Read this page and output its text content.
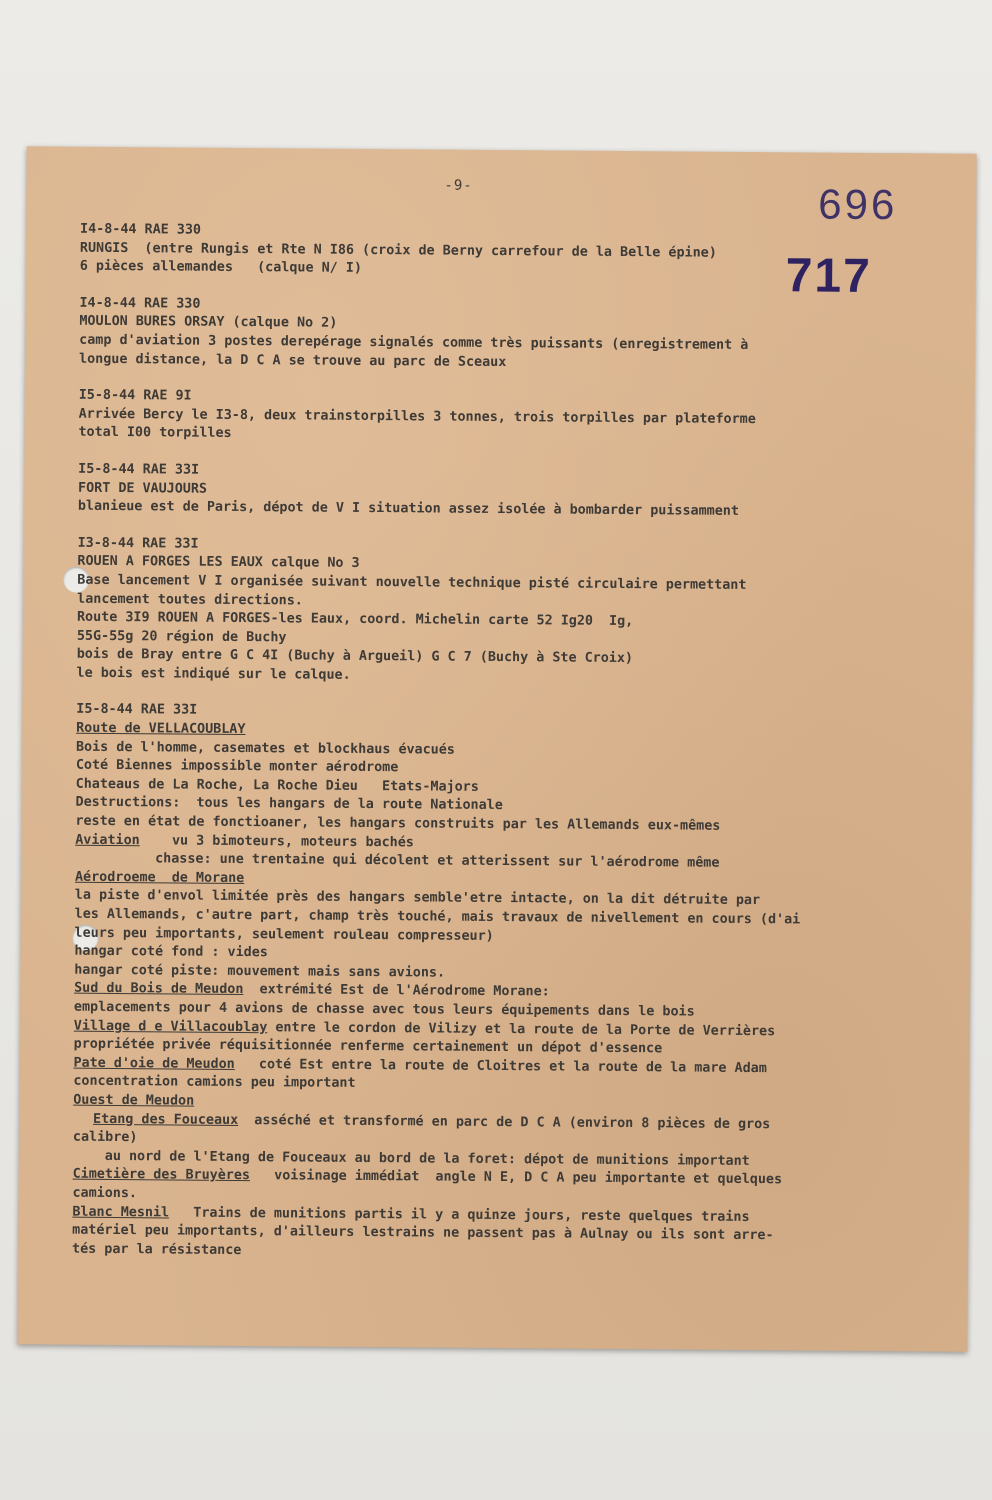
-9-	696
717
I4-8-44 RAE 330
RUNGIS  (entre Rungis et Rte N I86 (croix de Berny carrefour de la Belle épine)
6 pièces allemandes   (calque N/ I)
I4-8-44 RAE 330
MOULON BURES ORSAY (calque No 2)
camp d'aviation 3 postes derepérage signalés comme très puissants (enregistrement à
longue distance, la D C A se trouve au parc de Sceaux
I5-8-44 RAE 9I
Arrivée Bercy le I3-8, deux trainstorpilles 3 tonnes, trois torpilles par plateforme
total I00 torpilles
I5-8-44 RAE 33I
FORT DE VAUJOURS
blanieue est de Paris, dépot de V I situation assez isolée à bombarder puissamment
I3-8-44 RAE 33I
ROUEN A FORGES LES EAUX calque No 3
Base lancement V I organisée suivant nouvelle technique pisté circulaire permettant
lancement toutes directions.
Route 3I9 ROUEN A FORGES-les Eaux, coord. Michelin carte 52 Ig20  Ig,
55G-55g 20 région de Buchy
bois de Bray entre G C 4I (Buchy à Argueil) G C 7 (Buchy à Ste Croix)
le bois est indiqué sur le calque.
I5-8-44 RAE 33I
Route de VELLACOUBLAY
Bois de l'homme, casemates et blockhaus évacués
Coté Biennes impossible monter aérodrome
Chateaus de La Roche, La Roche Dieu   Etats-Majors
Destructions:  tous les hangars de la route Nationale
reste en état de fonctioaner, les hangars construits par les Allemands eux-mêmes
Aviation    vu 3 bimoteurs, moteurs bachés
chasse: une trentaine qui décolent et atterissent sur l'aérodrome même
Aérodroeme  de Morane
la piste d'envol limitée près des hangars semble'etre intacte, on la dit détruite par
les Allemands, c'autre part, champ très touché, mais travaux de nivellement en cours (d'ai
leurs peu importants, seulement rouleau compresseur)
hangar coté fond : vides
hangar coté piste: mouvement mais sans avions.
Sud du Bois de Meudon  extrémité Est de l'Aérodrome Morane:
emplacements pour 4 avions de chasse avec tous leurs équipements dans le bois
Village d e Villacoublay entre le cordon de Vilizy et la route de la Porte de Verrières
propriétée privée réquisitionnée renferme certainement un dépot d'essence
Pate d'oie de Meudon   coté Est entre la route de Cloitres et la route de la mare Adam
concentration camions peu important
Ouest de Meudon
Etang des Fouceaux  asséché et transformé en parc de D C A (environ 8 pièces de gros
calibre)
au nord de l'Etang de Fouceaux au bord de la foret: dépot de munitions important
Cimetière des Bruyères   voisinage immédiat  angle N E, D C A peu importante et quelques
camions.
Blanc Mesnil   Trains de munitions partis il y a quinze jours, reste quelques trains
matériel peu importants, d'ailleurs lestrains ne passent pas à Aulnay ou ils sont arre-
tés par la résistance
